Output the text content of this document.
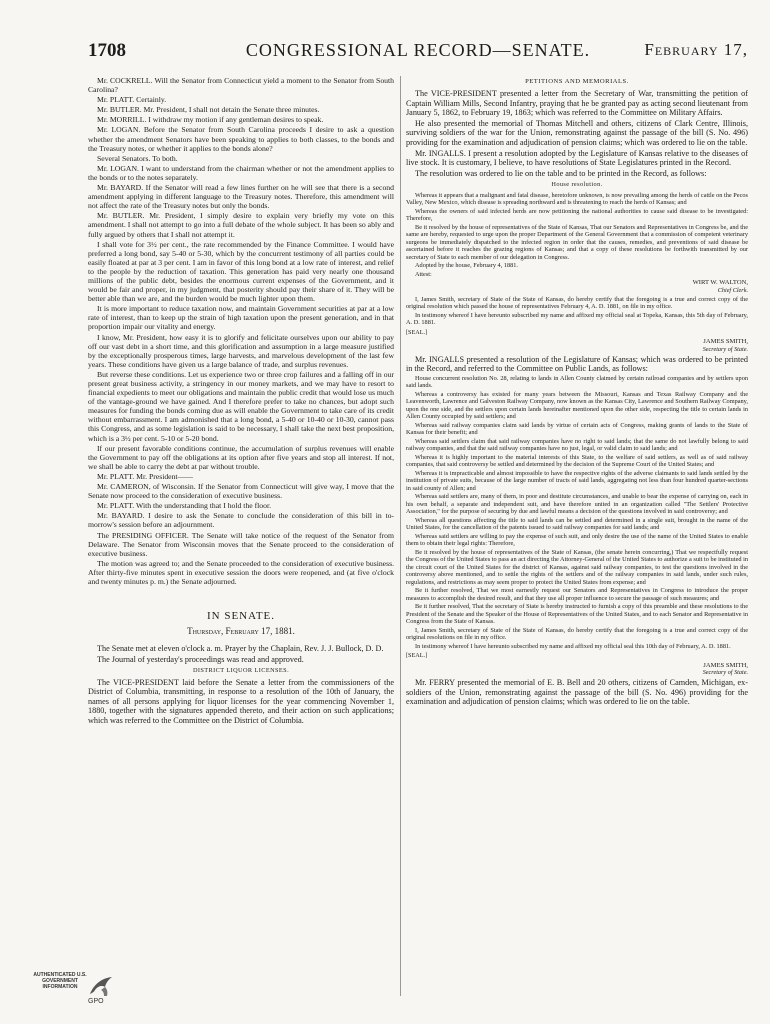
1708	CONGRESSIONAL RECORD—SENATE.	February 17,

Mr. COCKRELL. Will the Senator from Connecticut yield a moment to the Senator from South Carolina?

Mr. PLATT. Certainly.

Mr. BUTLER. Mr. President, I shall not detain the Senate three minutes.

Mr. MORRILL. I withdraw my motion if any gentleman desires to speak.

Mr. LOGAN. Before the Senator from South Carolina proceeds I desire to ask a question whether the amendment Senators have been speaking to applies to both classes, to the bonds and the Treasury notes, or whether it applies to the bonds alone?

Several Senators. To both.

Mr. LOGAN. I want to understand from the chairman whether or not the amendment applies to the bonds or to the notes separately.

Mr. BAYARD. If the Senator will read a few lines further on he will see that there is a second amendment applying in different language to the Treasury notes. Therefore, this amendment will not affect the rate of the Treasury notes but only the bonds.

Mr. BUTLER. Mr. President, I simply desire to explain very briefly my vote on this amendment. I shall not attempt to go into a full debate of the whole subject. It has been so ably and fully argued by others that I shall not attempt it.

I shall vote for 3½ per cent., the rate recommended by the Finance Committee. I would have preferred a long bond, say 5-40 or 5-30, which by the concurrent testimony of all parties could be easily floated at par at 3 per cent. I am in favor of this long bond at a low rate of interest, and relief to the people by the reduction of taxation. This generation has paid very nearly one thousand millions of the public debt, besides the enormous current expenses of the Government, and it would be fair and proper, in my judgment, that posterity should pay their share of it. They will be better able than we are, and the burden would be much lighter upon them.

It is more important to reduce taxation now, and maintain Government securities at par at a low rate of interest, than to keep up the strain of high taxation upon the present generation, and in that proportion impair our vitality and energy.

I know, Mr. President, how easy it is to glorify and felicitate ourselves upon our ability to pay off our vast debt in a short time, and this glorification and assumption in a large measure justified by the exceptionally prosperous times, large harvests, and marvelous development of the last few years. These conditions have given us a large balance of trade, and surplus revenues.

But reverse these conditions. Let us experience two or three crop failures and a falling off in our present great business activity, a stringency in our money markets, and we may have to resort to financial expedients to meet our obligations and maintain the public credit that would lose us much of the vantage-ground we have gained. And I therefore prefer to take no chances, but adopt such measures for funding the bonds coming due as will enable the Government to take care of its credit without embarrassment. I am admonished that a long bond, a 5-40 or 10-40 or 10-30, cannot pass this Congress, and as some legislation is said to be necessary, I shall take the next best proposition, which is a 3½ per cent. 5-10 or 5-20 bond.

If our present favorable conditions continue, the accumulation of surplus revenues will enable the Government to pay off the obligations at its option after five years and stop all interest. If not, we shall be able to carry the debt at par without trouble.

Mr. PLATT. Mr. President——

Mr. CAMERON, of Wisconsin. If the Senator from Connecticut will give way, I move that the Senate now proceed to the consideration of executive business.

Mr. PLATT. With the understanding that I hold the floor.

Mr. BAYARD. I desire to ask the Senate to conclude the consideration of this bill in to-morrow's session before an adjournment.

The PRESIDING OFFICER. The Senate will take notice of the request of the Senator from Delaware. The Senator from Wisconsin moves that the Senate proceed to the consideration of executive business.

The motion was agreed to; and the Senate proceeded to the consideration of executive business. After thirty-five minutes spent in executive session the doors were reopened, and (at five o'clock and twenty minutes p. m.) the Senate adjourned.

IN SENATE.
Thursday, February 17, 1881.

The Senate met at eleven o'clock a. m. Prayer by the Chaplain, Rev. J. J. Bullock, D. D.

The Journal of yesterday's proceedings was read and approved.

DISTRICT LIQUOR LICENSES.

The VICE-PRESIDENT laid before the Senate a letter from the commissioners of the District of Columbia, transmitting, in response to a resolution of the 10th of January, the names of all persons applying for liquor licenses for the year commencing November 1, 1880, together with the signatures appended thereto, and their action on such applications; which was referred to the Committee on the District of Columbia.

PETITIONS AND MEMORIALS.

The VICE-PRESIDENT presented a letter from the Secretary of War, transmitting the petition of Captain William Mills, Second Infantry, praying that he be granted pay as acting second lieutenant from January 5, 1862, to February 19, 1863; which was referred to the Committee on Military Affairs.

He also presented the memorial of Thomas Mitchell and others, citizens of Clark Centre, Illinois, surviving soldiers of the war for the Union, remonstrating against the passage of the bill (S. No. 496) providing for the examination and adjudication of pension claims; which was ordered to lie on the table.

Mr. INGALLS. I present a resolution adopted by the Legislature of Kansas relative to the diseases of live stock. It is customary, I believe, to have resolutions of State Legislatures printed in the Record.

The resolution was ordered to lie on the table and to be printed in the Record, as follows:

House resolution.

Whereas it appears that a malignant and fatal disease, heretofore unknown, is now prevailing among the herds of cattle on the Pecos Valley, New Mexico, which disease is spreading northward and is threatening to reach the herds of Kansas; and

Whereas the owners of said infected herds are now petitioning the national authorities to cause said disease to be investigated: Therefore,

Be it resolved by the house of representatives of the State of Kansas, That our Senators and Representatives in Congress be, and the same are hereby, requested to urge upon the proper Department of the General Government that a commission of competent veterinary surgeons be immediately dispatched to the infected region in order that the causes, remedies, and preventions of said disease be ascertained before it reaches the grazing regions of Kansas; and that a copy of these resolutions be forthwith transmitted by our secretary of State to each member of our delegation in Congress.

Adopted by the house, February 4, 1881.

Attest:

WIRT W. WALTON,

Chief Clerk.

I, James Smith, secretary of State of the State of Kansas, do hereby certify that the foregoing is a true and correct copy of the original resolution which passed the house of representatives February 4, A. D. 1881, on file in my office.

In testimony whereof I have hereunto subscribed my name and affixed my official seal at Topeka, Kansas, this 5th day of February, A. D. 1881.

[SEAL.]

JAMES SMITH,

Secretary of State.

Mr. INGALLS presented a resolution of the Legislature of Kansas; which was ordered to be printed in the Record, and referred to the Committee on Public Lands, as follows:

House concurrent resolution No. 28, relating to lands in Allen County claimed by certain railroad companies and by settlers upon said lands.

Whereas a controversy has existed for many years between the Missouri, Kansas and Texas Railway Company and the Leavenworth, Lawrence and Galveston Railway Company, now known as the Kansas City, Lawrence and Southern Railway Company, upon the one side, and the settlers upon certain lands hereinafter mentioned upon the other side, respecting the title to certain lands in Allen County occupied by said settlers; and

Whereas said railway companies claim said lands by virtue of certain acts of Congress, making grants of lands to the State of Kansas for their benefit; and

Whereas said settlers claim that said railway companies have no right to said lands; that the same do not lawfully belong to said railway companies, and that the said railway companies have no just, legal, or valid claim to said lands; and

Whereas it is highly important to the material interests of this State, to the welfare of said settlers, as well as of said railway companies, that said controversy be settled and determined by the decision of the Supreme Court of the United States; and

Whereas it is impracticable and almost impossible to have the respective rights of the adverse claimants to said lands settled by the institution of private suits, because of the large number of tracts of said lands, aggregating not less than four hundred quarter-sections in said county of Allen; and

Whereas said settlers are, many of them, in poor and destitute circumstances, and unable to bear the expense of carrying on, each in his own behalf, a separate and independent suit, and have therefore united in an organization called "The Settlers' Protective Association," for the purpose of securing by due and lawful means a decision of the questions involved in said controversy; and

Whereas all questions affecting the title to said lands can be settled and determined in a single suit, brought in the name of the United States, for the cancellation of the patents issued to said railway companies for said lands; and

Whereas said settlers are willing to pay the expense of such suit, and only desire the use of the name of the United States to enable them to obtain their legal rights: Therefore,

Be it resolved by the house of representatives of the State of Kansas, (the senate herein concurring,) That we respectfully request the Congress of the United States to pass an act directing the Attorney-General of the United States to authorize a suit to be instituted in the circuit court of the United States for the district of Kansas, against said railway companies, to test the questions involved in the controversy above mentioned, and to settle the rights of the settlers and of the railway companies in said lands, under such rules, regulations, and restrictions as may seem proper to protect the United States from expense; and

Be it further resolved, That we most earnestly request our Senators and Representatives in Congress to introduce the proper measures to accomplish the desired result, and that they use all proper influence to secure the passage of such measures; and

Be it further resolved, That the secretary of State is hereby instructed to furnish a copy of this preamble and these resolutions to the President of the Senate and the Speaker of the House of Representatives of the United States, and to each Senator and Representative in Congress from the State of Kansas.

I, James Smith, secretary of State of the State of Kansas, do hereby certify that the foregoing is a true and correct copy of the original resolutions on file in my office.

In testimony whereof I have hereunto subscribed my name and affixed my official seal this 10th day of February, A. D. 1881.

[SEAL.]

JAMES SMITH,

Secretary of State.

Mr. FERRY presented the memorial of E. B. Bell and 20 others, citizens of Camden, Michigan, ex-soldiers of the Union, remonstrating against the passage of the bill (S. No. 496) providing for the examination and adjudication of pension claims; which was ordered to lie on the table.

AUTHENTICATED U.S. GOVERNMENT INFORMATION
GPO
